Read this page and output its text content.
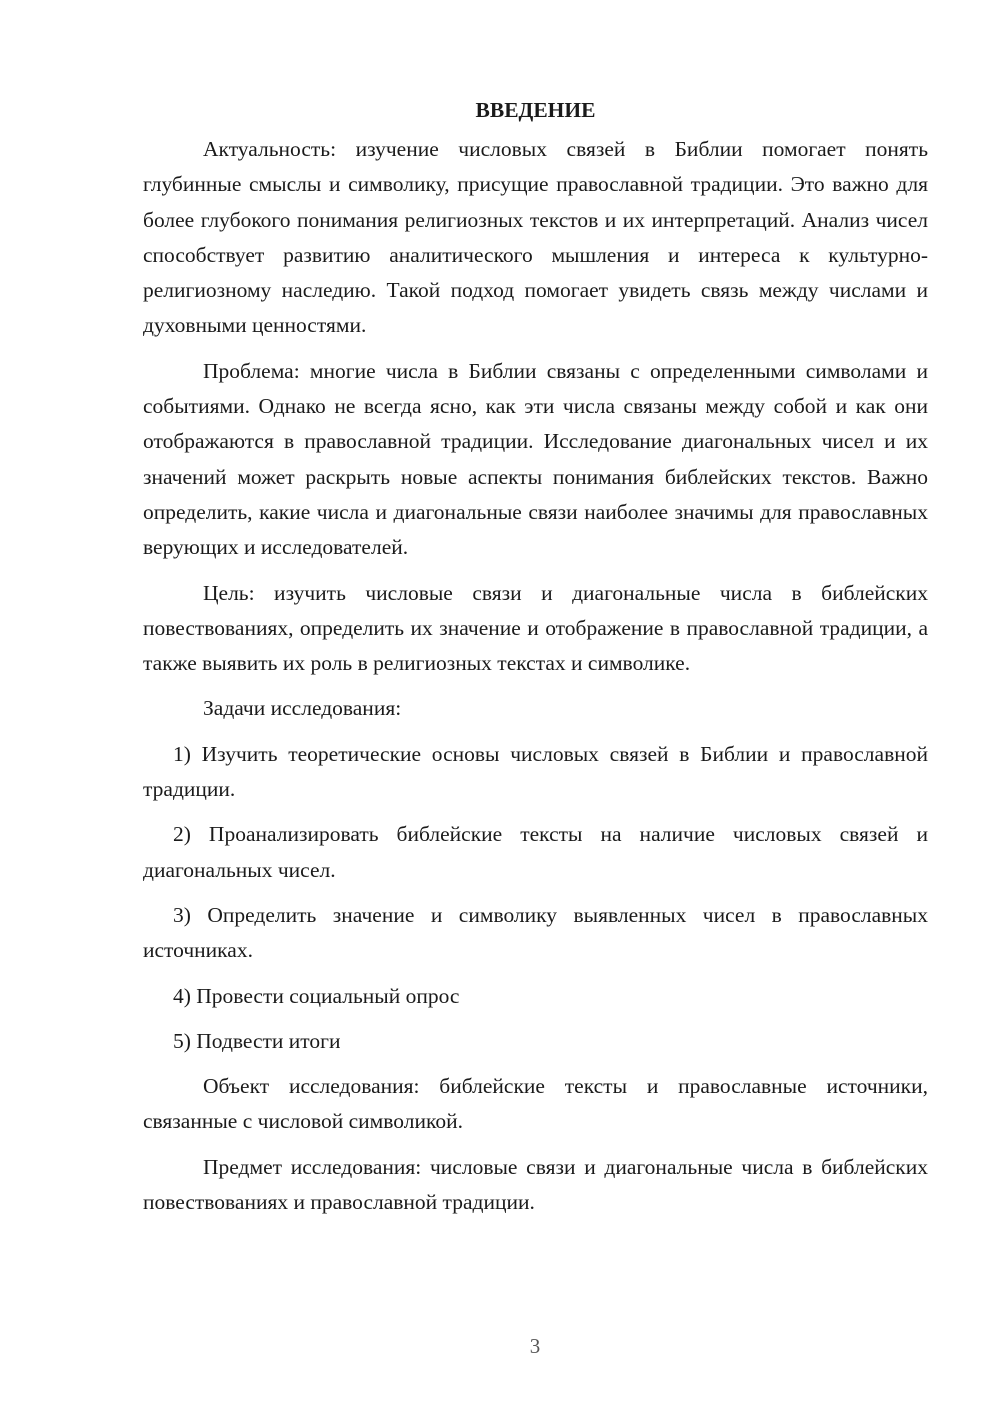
ВВЕДЕНИЕ

Актуальность: изучение числовых связей в Библии помогает понять глубинные смыслы и символику, присущие православной традиции. Это важно для более глубокого понимания религиозных текстов и их интерпретаций. Анализ чисел способствует развитию аналитического мышления и интереса к культурно-религиозному наследию. Такой подход помогает увидеть связь между числами и духовными ценностями.

Проблема: многие числа в Библии связаны с определенными символами и событиями. Однако не всегда ясно, как эти числа связаны между собой и как они отображаются в православной традиции. Исследование диагональных чисел и их значений может раскрыть новые аспекты понимания библейских текстов. Важно определить, какие числа и диагональные связи наиболее значимы для православных верующих и исследователей.

Цель: изучить числовые связи и диагональные числа в библейских повествованиях, определить их значение и отображение в православной традиции, а также выявить их роль в религиозных текстах и символике.

Задачи исследования:

1) Изучить теоретические основы числовых связей в Библии и православной традиции.

2) Проанализировать библейские тексты на наличие числовых связей и диагональных чисел.

3) Определить значение и символику выявленных чисел в православных источниках.

4) Провести социальный опрос

5) Подвести итоги

Объект исследования: библейские тексты и православные источники, связанные с числовой символикой.

Предмет исследования: числовые связи и диагональные числа в библейских повествованиях и православной традиции.

3
